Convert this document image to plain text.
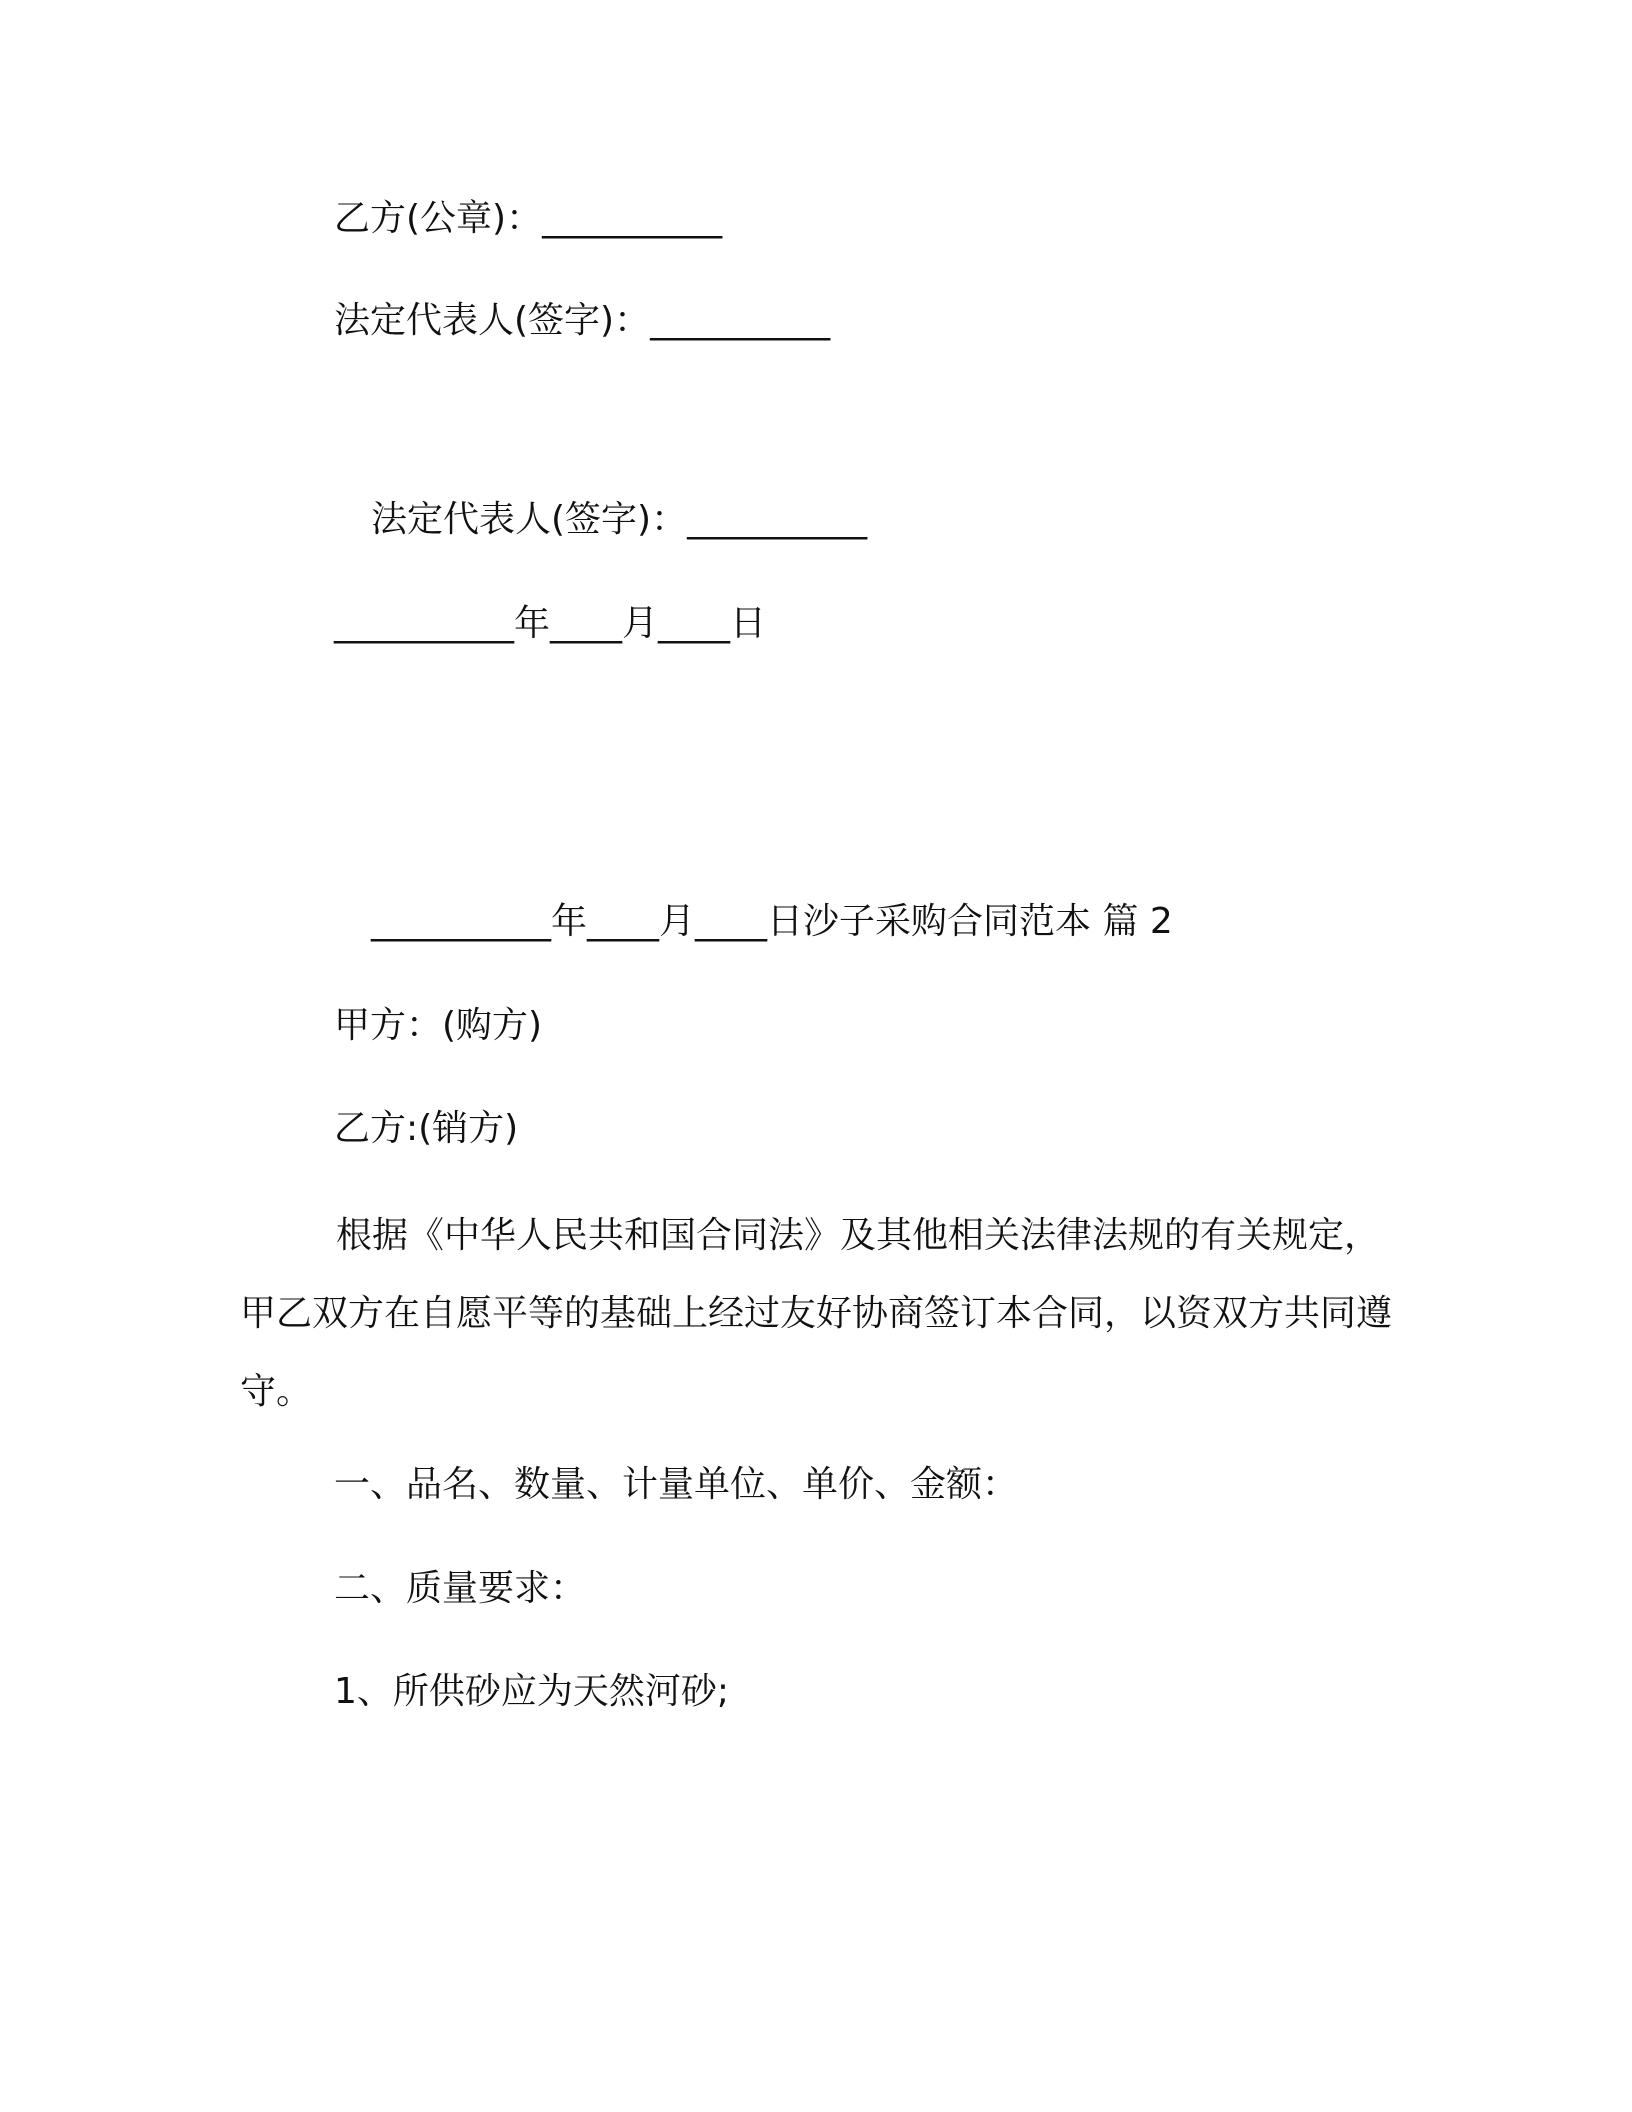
乙方(公章)：__________
法定代表人(签字)：__________
法定代表人(签字)：__________
__________年____月____日
__________年____月____日沙子采购合同范本 篇 2
甲方：(购方)
乙方:(销方)
根据《中华人民共和国合同法》及其他相关法律法规的有关规定，甲乙双方在自愿平等的基础上经过友好协商签订本合同，以资双方共同遵守。
一、品名、数量、计量单位、单价、金额：
二、质量要求：
1、所供砂应为天然河砂;
